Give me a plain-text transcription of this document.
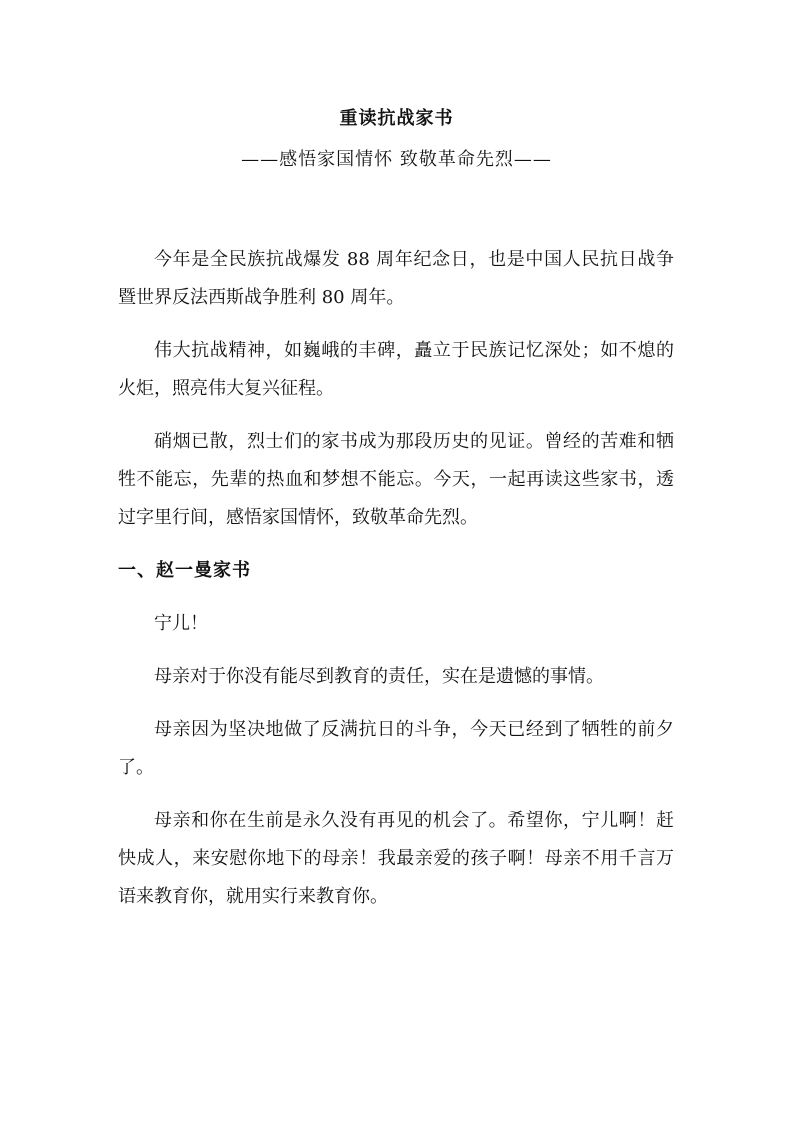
重读抗战家书
——感悟家国情怀 致敬革命先烈——

今年是全民族抗战爆发 88 周年纪念日，也是中国人民抗日战争暨世界反法西斯战争胜利 80 周年。

伟大抗战精神，如巍峨的丰碑，矗立于民族记忆深处；如不熄的火炬，照亮伟大复兴征程。

硝烟已散，烈士们的家书成为那段历史的见证。曾经的苦难和牺牲不能忘，先辈的热血和梦想不能忘。今天，一起再读这些家书，透过字里行间，感悟家国情怀，致敬革命先烈。

一、赵一曼家书

宁儿！

母亲对于你没有能尽到教育的责任，实在是遗憾的事情。

母亲因为坚决地做了反满抗日的斗争，今天已经到了牺牲的前夕了。

母亲和你在生前是永久没有再见的机会了。希望你，宁儿啊！赶快成人，来安慰你地下的母亲！我最亲爱的孩子啊！母亲不用千言万语来教育你，就用实行来教育你。
